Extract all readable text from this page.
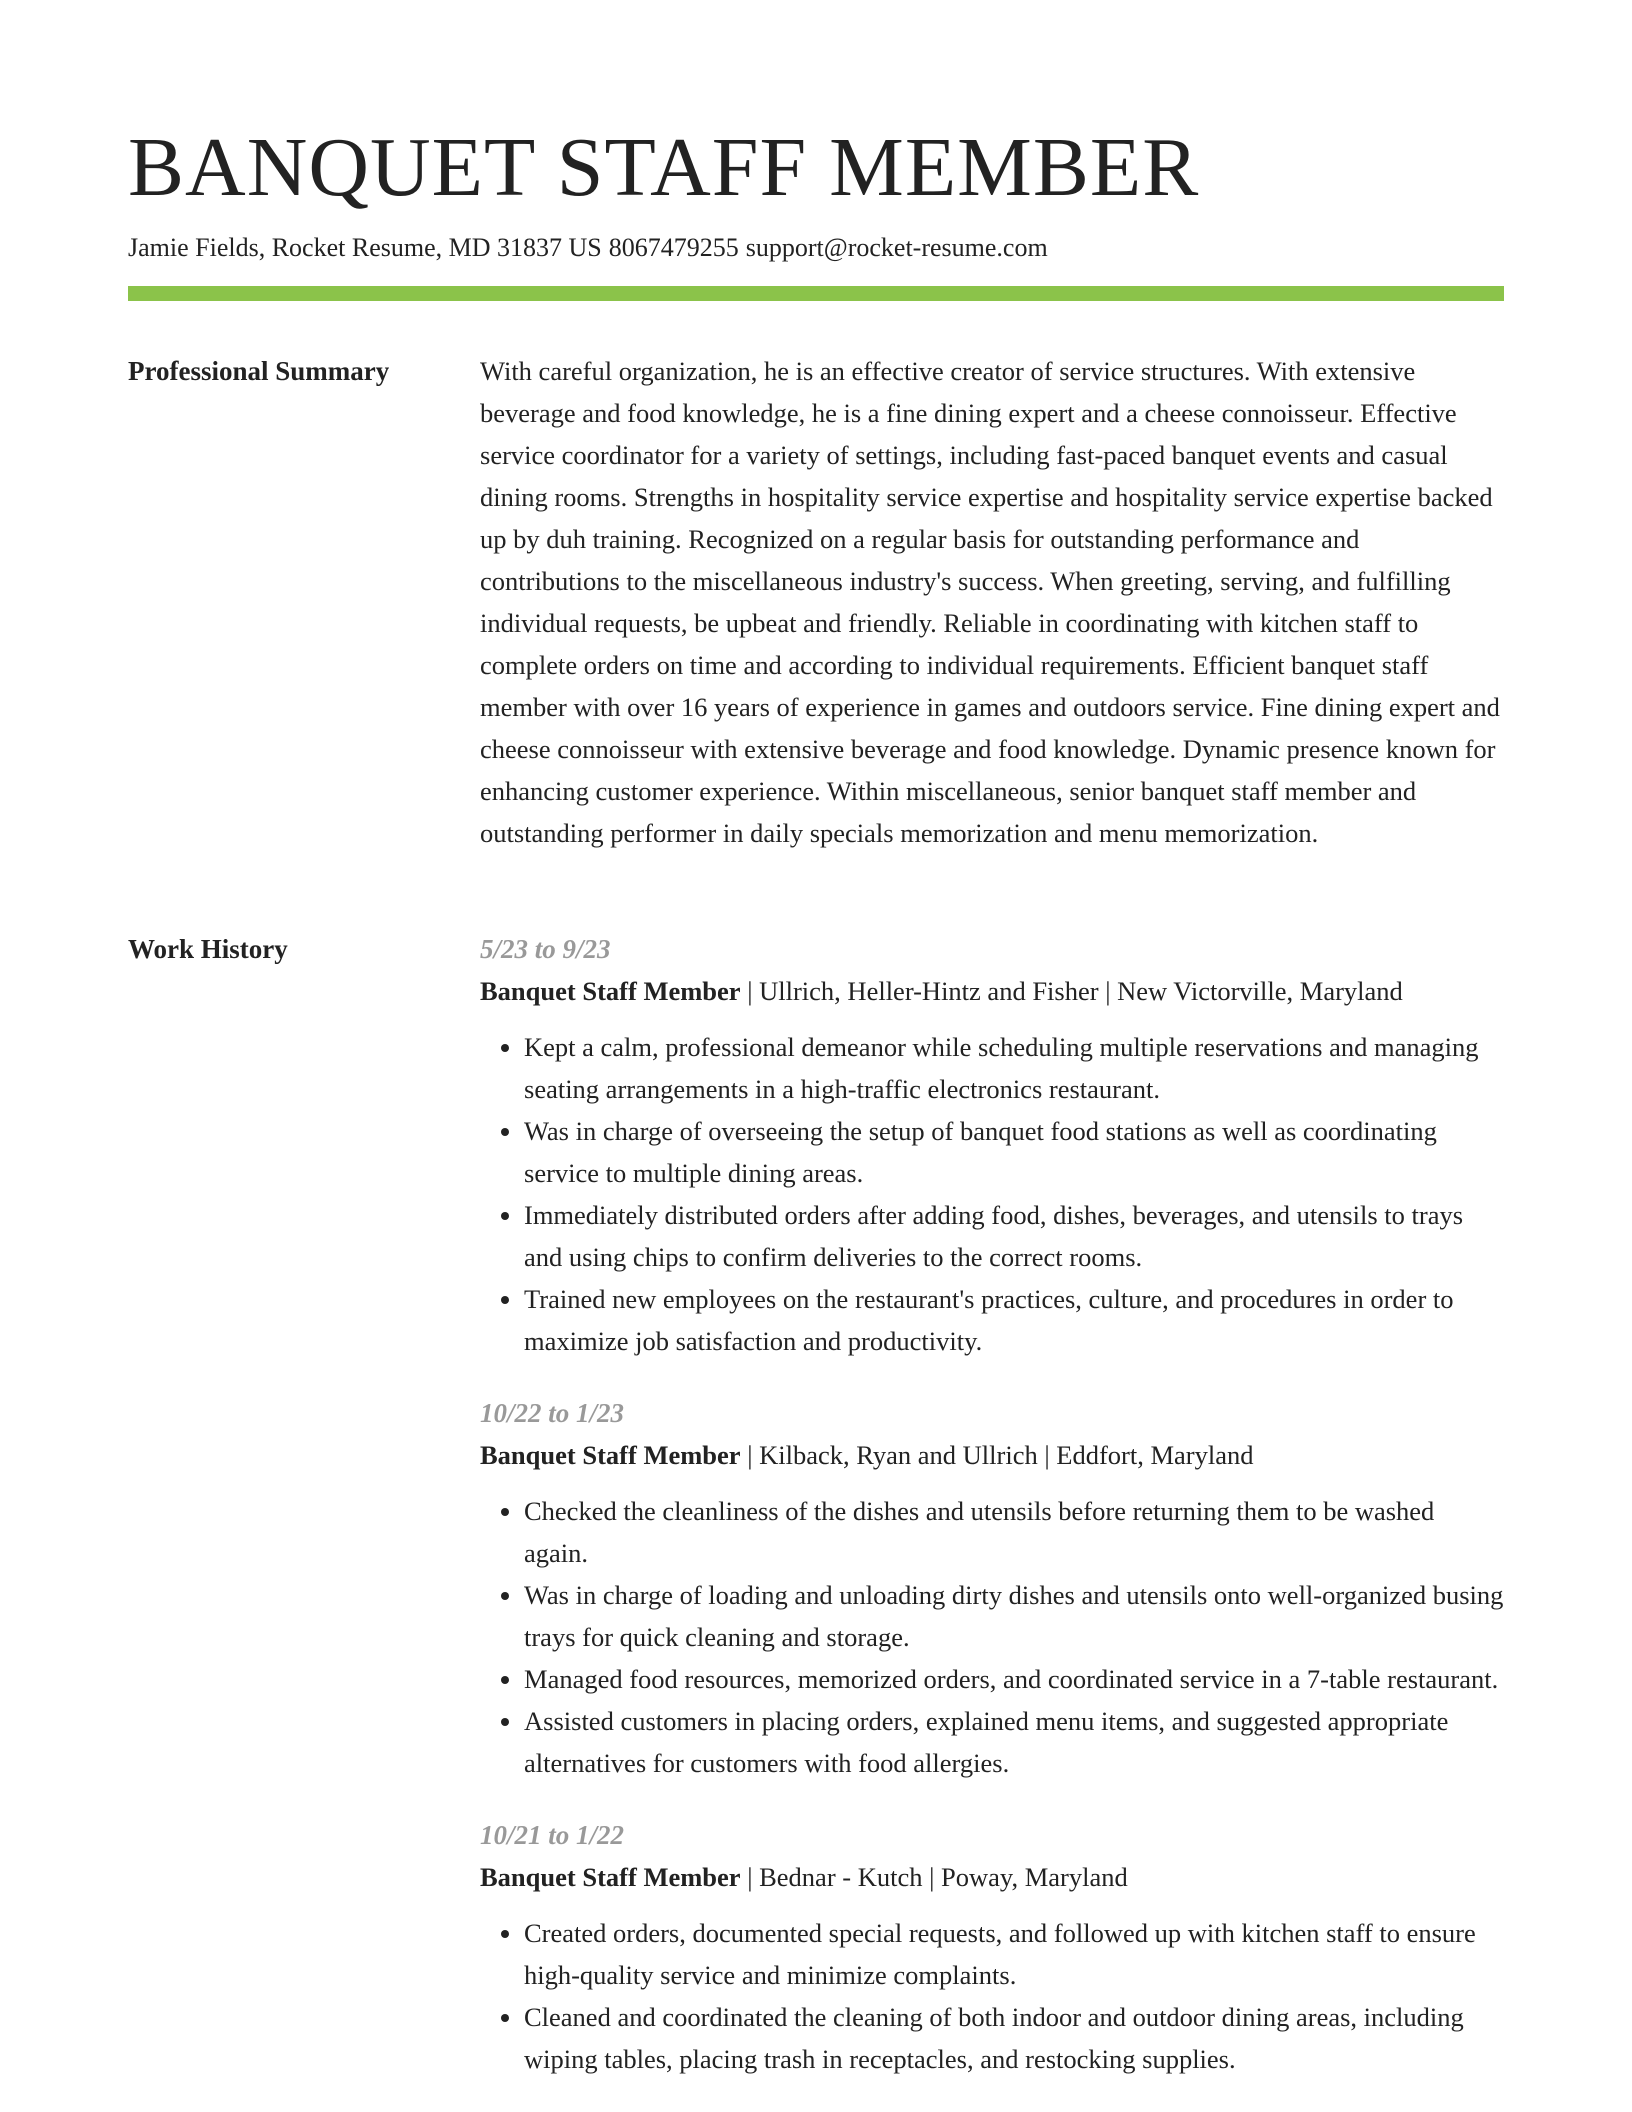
BANQUET STAFF MEMBER
Jamie Fields, Rocket Resume, MD 31837 US 8067479255 support@rocket-resume.com
Professional Summary	With careful organization, he is an effective creator of service structures. With extensive beverage and food knowledge, he is a fine dining expert and a cheese connoisseur. Effective service coordinator for a variety of settings, including fast-paced banquet events and casual dining rooms. Strengths in hospitality service expertise and hospitality service expertise backed up by duh training. Recognized on a regular basis for outstanding performance and contributions to the miscellaneous industry's success. When greeting, serving, and fulfilling individual requests, be upbeat and friendly. Reliable in coordinating with kitchen staff to complete orders on time and according to individual requirements. Efficient banquet staff member with over 16 years of experience in games and outdoors service. Fine dining expert and cheese connoisseur with extensive beverage and food knowledge. Dynamic presence known for enhancing customer experience. Within miscellaneous, senior banquet staff member and outstanding performer in daily specials memorization and menu memorization.
Work History	5/23 to 9/23
Banquet Staff Member | Ullrich, Heller-Hintz and Fisher | New Victorville, Maryland
• Kept a calm, professional demeanor while scheduling multiple reservations and managing seating arrangements in a high-traffic electronics restaurant.
• Was in charge of overseeing the setup of banquet food stations as well as coordinating service to multiple dining areas.
• Immediately distributed orders after adding food, dishes, beverages, and utensils to trays and using chips to confirm deliveries to the correct rooms.
• Trained new employees on the restaurant's practices, culture, and procedures in order to maximize job satisfaction and productivity.
10/22 to 1/23
Banquet Staff Member | Kilback, Ryan and Ullrich | Eddfort, Maryland
• Checked the cleanliness of the dishes and utensils before returning them to be washed again.
• Was in charge of loading and unloading dirty dishes and utensils onto well-organized busing trays for quick cleaning and storage.
• Managed food resources, memorized orders, and coordinated service in a 7-table restaurant.
• Assisted customers in placing orders, explained menu items, and suggested appropriate alternatives for customers with food allergies.
10/21 to 1/22
Banquet Staff Member | Bednar - Kutch | Poway, Maryland
• Created orders, documented special requests, and followed up with kitchen staff to ensure high-quality service and minimize complaints.
• Cleaned and coordinated the cleaning of both indoor and outdoor dining areas, including wiping tables, placing trash in receptacles, and restocking supplies.
